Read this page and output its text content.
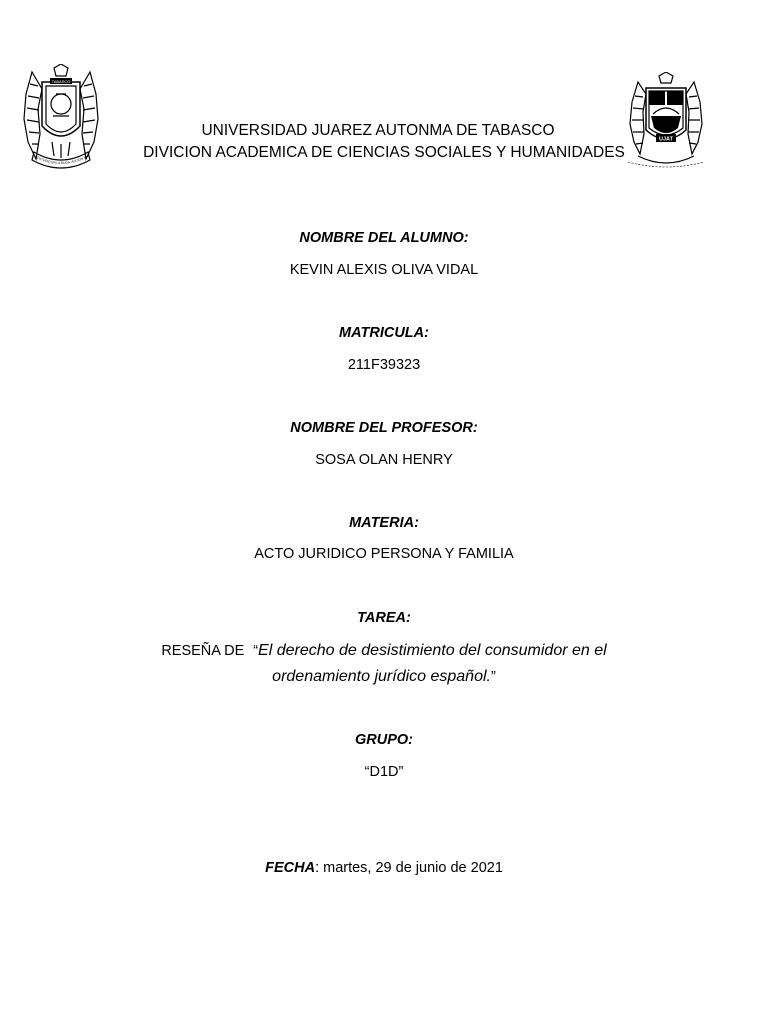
TABASCO
ESTUDIO EN LA DUDA. ACCION EN
UJAT
UNIVERSIDAD JUAREZ AUTONMA DE TABASCO
DIVICION ACADEMICA DE CIENCIAS SOCIALES Y HUMANIDADES
NOMBRE DEL ALUMNO:
KEVIN ALEXIS OLIVA VIDAL
MATRICULA:
211F39323
NOMBRE DEL PROFESOR:
SOSA OLAN HENRY
MATERIA:
ACTO JURIDICO PERSONA Y FAMILIA
TAREA:
RESEÑA DE “El derecho de desistimiento del consumidor en el
ordenamiento jurídico español.”
GRUPO:
“D1D”
FECHA: martes, 29 de junio de 2021
